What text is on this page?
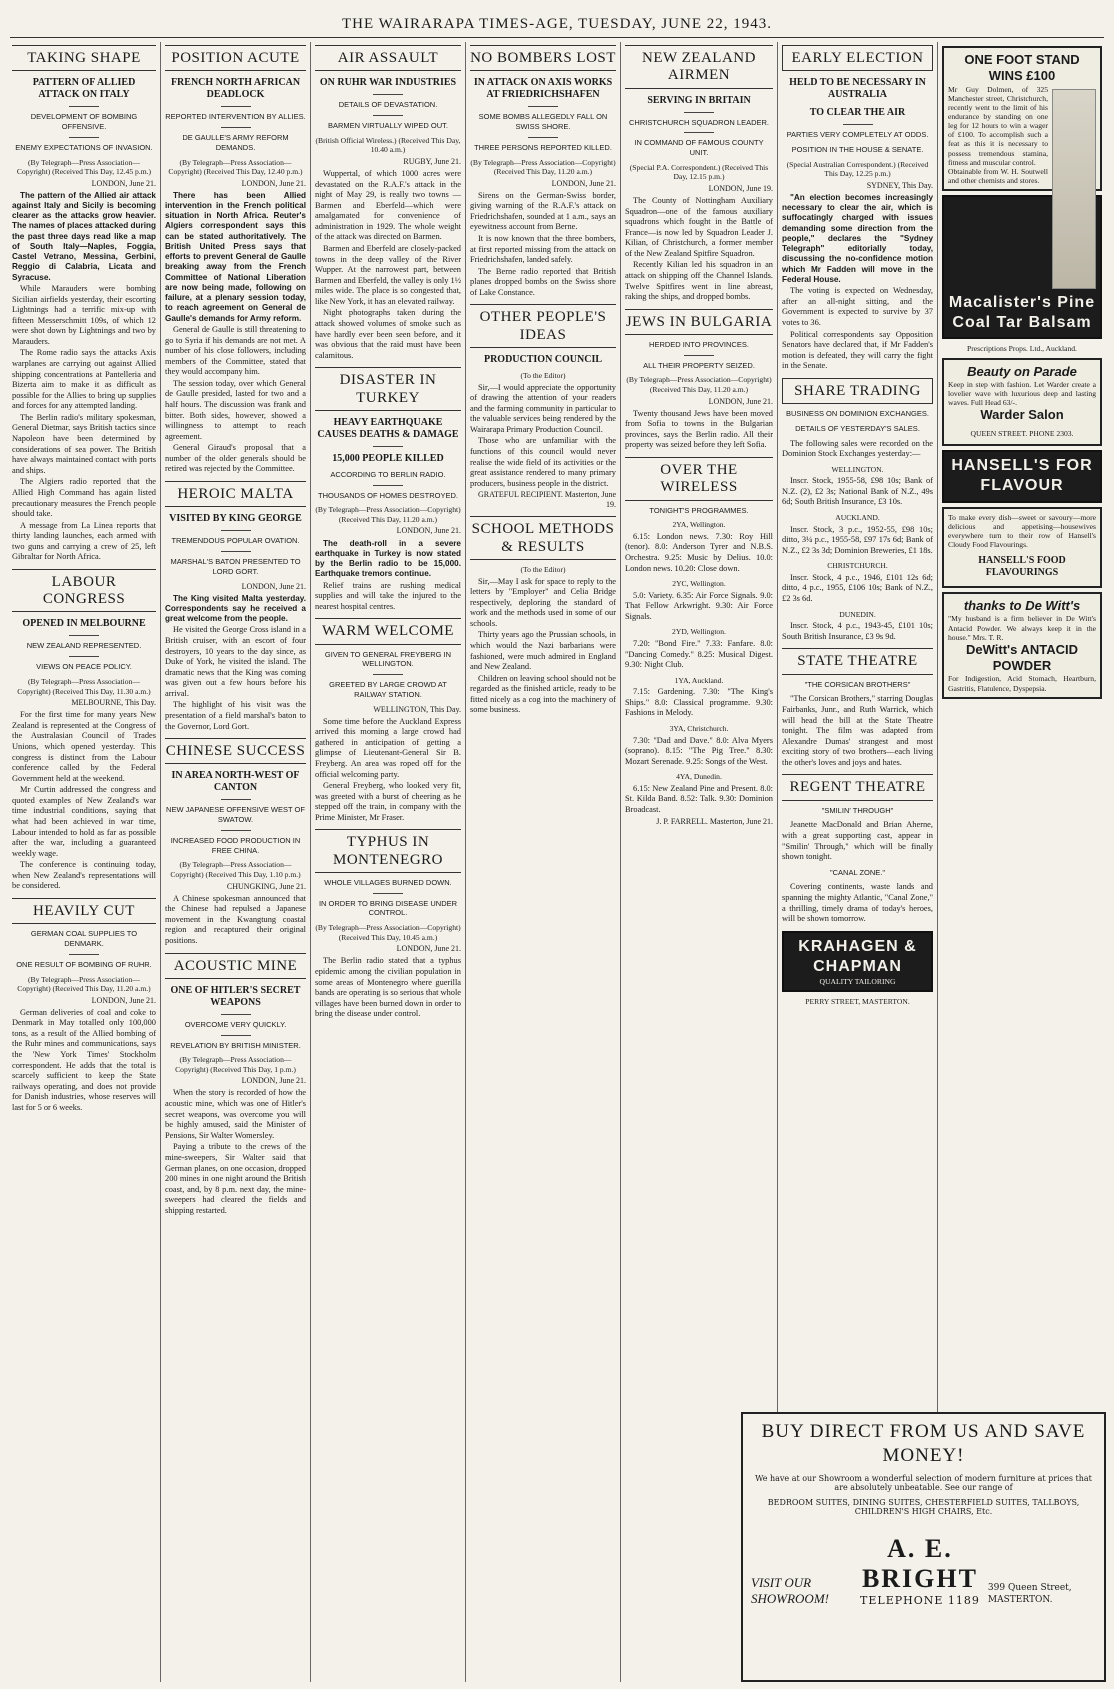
THE WAIRARAPA TIMES-AGE, TUESDAY, JUNE 22, 1943.
TAKING SHAPE
PATTERN OF ALLIED ATTACK ON ITALY
DEVELOPMENT OF BOMBING OFFENSIVE.
ENEMY EXPECTATIONS OF INVASION.
(By Telegraph—Press Association—Copyright) (Received This Day, 12.45 p.m.)
LONDON, June 21.

The pattern of the Allied air attack against Italy and Sicily is becoming clearer as the attacks grow heavier. The names of places attacked during the past three days read like a map of South Italy—Naples, Foggia, Castel Vetrano, Messina, Gerbini, Reggio di Calabria, Licata and Syracuse.

While Marauders were bombing Sicilian airfields yesterday, their escorting Lightnings had a terrific mix-up with fifteen Messerschmitt 109s, of which 12 were shot down by Lightnings and two by Marauders.

The Rome radio says the attacks Axis warplanes are carrying out against Allied shipping concentrations at Pantelleria and Bizerta aim to make it as difficult as possible for the Allies to bring up supplies and forces for any attempted landing.

The Berlin radio's military spokesman, General Dietmar, says British tactics since Napoleon have been determined by considerations of sea power. The British have always maintained contact with ports and ships.

The Algiers radio reported that the Allied High Command has again listed precautionary measures the French people should take.

A message from La Linea reports that thirty landing launches, each armed with two guns and carrying a crew of 25, left Gibraltar for North Africa.

LABOUR CONGRESS
OPENED IN MELBOURNE
NEW ZEALAND REPRESENTED.
VIEWS ON PEACE POLICY.
(By Telegraph—Press Association—Copyright) (Received This Day, 11.30 a.m.)
MELBOURNE, This Day.

For the first time for many years New Zealand is represented at the Congress of the Australasian Council of Trades Unions, which opened yesterday. This congress is distinct from the Labour conference called by the Federal Government held at the weekend.

Mr Curtin addressed the congress and quoted examples of New Zealand's war time industrial conditions, saying that what had been achieved in war time, Labour intended to hold as far as possible after the war, including a guaranteed weekly wage.

The conference is continuing today, when New Zealand's representations will be considered.

HEAVILY CUT
GERMAN COAL SUPPLIES TO DENMARK.
ONE RESULT OF BOMBING OF RUHR.
(By Telegraph—Press Association—Copyright) (Received This Day, 11.20 a.m.)
LONDON, June 21.

German deliveries of coal and coke to Denmark in May totalled only 100,000 tons, as a result of the Allied bombing of the Ruhr mines and communications, says the 'New York Times' Stockholm correspondent. He adds that the total is scarcely sufficient to keep the State railways operating, and does not provide for Danish industries, whose reserves will last for 5 or 6 weeks.

POSITION ACUTE
FRENCH NORTH AFRICAN DEADLOCK
REPORTED INTERVENTION BY ALLIES.
DE GAULLE'S ARMY REFORM DEMANDS.
(By Telegraph—Press Association—Copyright) (Received This Day, 12.40 p.m.)
LONDON, June 21.

There has been Allied intervention in the French political situation in North Africa. Reuter's Algiers correspondent says this can be stated authoritatively. The British United Press says that efforts to prevent General de Gaulle breaking away from the French Committee of National Liberation are now being made, following on failure, at a plenary session today, to reach agreement on General de Gaulle's demands for Army reform.

General de Gaulle is still threatening to go to Syria if his demands are not met. A number of his close followers, including members of the Committee, stated that they would accompany him.

The session today, over which General de Gaulle presided, lasted for two and a half hours. The discussion was frank and bitter. Both sides, however, showed a willingness to attempt to reach agreement.

General Giraud's proposal that a number of the older generals should be retired was rejected by the Committee.

HEROIC MALTA
VISITED BY KING GEORGE
TREMENDOUS POPULAR OVATION.
MARSHAL'S BATON PRESENTED TO LORD GORT.
LONDON, June 21.

The King visited Malta yesterday. Correspondents say he received a great welcome from the people.

He visited the George Cross island in a British cruiser, with an escort of four destroyers, 10 years to the day since, as Duke of York, he visited the island. The dramatic news that the King was coming was given out a few hours before his arrival.

The highlight of his visit was the presentation of a field marshal's baton to the Governor, Lord Gort.

CHINESE SUCCESS
IN AREA NORTH-WEST OF CANTON
NEW JAPANESE OFFENSIVE WEST OF SWATOW.
INCREASED FOOD PRODUCTION IN FREE CHINA.
(By Telegraph—Press Association—Copyright) (Received This Day, 1.10 p.m.)
CHUNGKING, June 21.

A Chinese spokesman announced that the Chinese had repulsed a Japanese movement in the Kwangtung coastal region and recaptured their original positions.

ACOUSTIC MINE
ONE OF HITLER'S SECRET WEAPONS
OVERCOME VERY QUICKLY.
REVELATION BY BRITISH MINISTER.
(By Telegraph—Press Association—Copyright) (Received This Day, 1 p.m.)
LONDON, June 21.

When the story is recorded of how the acoustic mine, which was one of Hitler's secret weapons, was overcome you will be highly amused, said the Minister of Pensions, Sir Walter Womersley.

Paying a tribute to the crews of the mine-sweepers, Sir Walter said that German planes, on one occasion, dropped 200 mines in one night around the British coast, and, by 8 p.m. next day, the mine-sweepers had cleared the fields and shipping restarted.

AIR ASSAULT
ON RUHR WAR INDUSTRIES
DETAILS OF DEVASTATION.
BARMEN VIRTUALLY WIPED OUT.
(British Official Wireless.) (Received This Day, 10.40 a.m.)
RUGBY, June 21.

Wuppertal, of which 1000 acres were devastated on the R.A.F.'s attack in the night of May 29, is really two towns —Barmen and Eberfeld—which were amalgamated for convenience of administration in 1929. The whole weight of the attack was directed on Barmen.

Barmen and Eberfeld are closely-packed towns in the deep valley of the River Wupper. At the narrowest part, between Barmen and Eberfeld, the valley is only 1½ miles wide. The place is so congested that, like New York, it has an elevated railway.

Night photographs taken during the attack showed volumes of smoke such as have hardly ever been seen before, and it was obvious that the raid must have been calamitous.

DISASTER IN TURKEY
HEAVY EARTHQUAKE CAUSES DEATHS & DAMAGE
15,000 PEOPLE KILLED
ACCORDING TO BERLIN RADIO.
THOUSANDS OF HOMES DESTROYED.
(By Telegraph—Press Association—Copyright) (Received This Day, 11.20 a.m.)
LONDON, June 21.

The death-roll in a severe earthquake in Turkey is now stated by the Berlin radio to be 15,000. Earthquake tremors continue.

Relief trains are rushing medical supplies and will take the injured to the nearest hospital centres.

WARM WELCOME
GIVEN TO GENERAL FREYBERG IN WELLINGTON.
GREETED BY LARGE CROWD AT RAILWAY STATION.
WELLINGTON, This Day.

Some time before the Auckland Express arrived this morning a large crowd had gathered in anticipation of getting a glimpse of Lieutenant-General Sir B. Freyberg. An area was roped off for the official welcoming party.

General Freyberg, who looked very fit, was greeted with a burst of cheering as he stepped off the train, in company with the Prime Minister, Mr Fraser.

TYPHUS IN MONTENEGRO
WHOLE VILLAGES BURNED DOWN.
IN ORDER TO BRING DISEASE UNDER CONTROL.
(By Telegraph—Press Association—Copyright) (Received This Day, 10.45 a.m.)
LONDON, June 21.

The Berlin radio stated that a typhus epidemic among the civilian population in some areas of Montenegro where guerilla bands are operating is so serious that whole villages have been burned down in order to bring the disease under control.

NO BOMBERS LOST
IN ATTACK ON AXIS WORKS AT FRIEDRICHSHAFEN
SOME BOMBS ALLEGEDLY FALL ON SWISS SHORE.
THREE PERSONS REPORTED KILLED.
(By Telegraph—Press Association—Copyright) (Received This Day, 11.20 a.m.)
LONDON, June 21.

Sirens on the German-Swiss border, giving warning of the R.A.F.'s attack on Friedrichshafen, sounded at 1 a.m., says an eyewitness account from Berne.

It is now known that the three bombers, at first reported missing from the attack on Friedrichshafen, landed safely.

The Berne radio reported that British planes dropped bombs on the Swiss shore of Lake Constance.

OTHER PEOPLE'S IDEAS
PRODUCTION COUNCIL
(To the Editor)

Sir,—I would appreciate the opportunity of drawing the attention of your readers and the farming community in particular to the valuable services being rendered by the Wairarapa Primary Production Council.

Those who are unfamiliar with the functions of this council would never realise the wide field of its activities or the great assistance rendered to many primary producers, business people in the district.

GRATEFUL RECIPIENT. Masterton, June 19.

SCHOOL METHODS & RESULTS
(To the Editor)

Sir,—May I ask for space to reply to the letters by "Employer" and Celia Bridge respectively, deploring the standard of work and the methods used in some of our schools.

Thirty years ago the Prussian schools, in which would the Nazi barbarians were fashioned, were much admired in England and New Zealand.

Children on leaving school should not be regarded as the finished article, ready to be fitted nicely as a cog into the machinery of some business.

NEW ZEALAND AIRMEN
SERVING IN BRITAIN
CHRISTCHURCH SQUADRON LEADER.
IN COMMAND OF FAMOUS COUNTY UNIT.
(Special P.A. Correspondent.) (Received This Day, 12.15 p.m.)
LONDON, June 19.

The County of Nottingham Auxiliary Squadron—one of the famous auxiliary squadrons which fought in the Battle of France—is now led by Squadron Leader J. Kilian, of Christchurch, a former member of the New Zealand Spitfire Squadron.

Recently Kilian led his squadron in an attack on shipping off the Channel Islands. Twelve Spitfires went in line abreast, raking the ships, and dropped bombs.

JEWS IN BULGARIA
HERDED INTO PROVINCES.
ALL THEIR PROPERTY SEIZED.
(By Telegraph—Press Association—Copyright) (Received This Day, 11.20 a.m.)
LONDON, June 21.

Twenty thousand Jews have been moved from Sofia to towns in the Bulgarian provinces, says the Berlin radio. All their property was seized before they left Sofia.

OVER THE WIRELESS
TONIGHT'S PROGRAMMES.
2YA, Wellington.

6.15: London news. 7.30: Roy Hill (tenor). 8.0: Anderson Tyrer and N.B.S. Orchestra. 9.25: Music by Delius. 10.0: London news. 10.20: Close down.

2YC, Wellington.

5.0: Variety. 6.35: Air Force Signals. 9.0: That Fellow Arkwright. 9.30: Air Force Signals.

2YD, Wellington.

7.20: "Bond Fire." 7.33: Fanfare. 8.0: "Dancing Comedy." 8.25: Musical Digest. 9.30: Night Club.

1YA, Auckland.

7.15: Gardening. 7.30: "The King's Ships." 8.0: Classical programme. 9.30: Fashions in Melody.

3YA, Christchurch.

7.30: "Dad and Dave." 8.0: Alva Myers (soprano). 8.15: "The Pig Tree." 8.30: Mozart Serenade. 9.25: Songs of the West.

4YA, Dunedin.

6.15: New Zealand Pine and Present. 8.0: St. Kilda Band. 8.52: Talk. 9.30: Dominion Broadcast.

J. P. FARRELL. Masterton, June 21.

EARLY ELECTION
HELD TO BE NECESSARY IN AUSTRALIA
TO CLEAR THE AIR
PARTIES VERY COMPLETELY AT ODDS.
POSITION IN THE HOUSE & SENATE.
(Special Australian Correspondent.) (Received This Day, 12.25 p.m.)
SYDNEY, This Day.

"An election becomes increasingly necessary to clear the air, which is suffocatingly charged with issues demanding some direction from the people," declares the "Sydney Telegraph" editorially today, discussing the no-confidence motion which Mr Fadden will move in the Federal House.

The voting is expected on Wednesday, after an all-night sitting, and the Government is expected to survive by 37 votes to 36.

Political correspondents say Opposition Senators have declared that, if Mr Fadden's motion is defeated, they will carry the fight in the Senate.

SHARE TRADING
BUSINESS ON DOMINION EXCHANGES.
DETAILS OF YESTERDAY'S SALES.

The following sales were recorded on the Dominion Stock Exchanges yesterday:—

WELLINGTON.

Inscr. Stock, 1955-58, £98 10s; Bank of N.Z. (2), £2 3s; National Bank of N.Z., 49s 6d; South British Insurance, £3 10s.

AUCKLAND.

Inscr. Stock, 3 p.c., 1952-55, £98 10s; ditto, 3¼ p.c., 1955-58, £97 17s 6d; Bank of N.Z., £2 3s 3d; Dominion Breweries, £1 18s.

CHRISTCHURCH.

Inscr. Stock, 4 p.c., 1946, £101 12s 6d; ditto, 4 p.c., 1955, £106 10s; Bank of N.Z., £2 3s 6d.

DUNEDIN.

Inscr. Stock, 4 p.c., 1943-45, £101 10s; South British Insurance, £3 9s 9d.

STATE THEATRE
"THE CORSICAN BROTHERS"

"The Corsican Brothers," starring Douglas Fairbanks, Junr., and Ruth Warrick, which will head the bill at the State Theatre tonight. The film was adapted from Alexandre Dumas' strangest and most exciting story of two brothers—each living the other's loves and joys and hates.

REGENT THEATRE
"SMILIN' THROUGH"

Jeanette MacDonald and Brian Aherne, with a great supporting cast, appear in "Smilin' Through," which will be finally shown tonight.

"CANAL ZONE."

Covering continents, waste lands and spanning the mighty Atlantic, "Canal Zone," a thrilling, timely drama of today's heroes, will be shown tomorrow.

KRAHAGEN & CHAPMAN
QUALITY TAILORING
PERRY STREET, MASTERTON.
ONE FOOT STAND WINS £100

Mr Guy Dolmen, of 325 Manchester street, Christchurch, recently went to the limit of his endurance by standing on one leg for 12 hours to win a wager of £100. To accomplish such a feat as this it is necessary to possess tremendous stamina, fitness and muscular control.

Obtainable from W. H. Soutwell and other chemists and stores.

Macalister's Pine Coal Tar Balsam
Prescriptions Props. Ltd., Auckland.
Beauty on Parade

Keep in step with fashion. Let Warder create a lovelier wave with luxurious deep and lasting waves. Full Head 63/-.

Warder Salon
QUEEN STREET. PHONE 2303.
HANSELL'S FOR FLAVOUR

To make every dish—sweet or savoury—more delicious and appetising—housewives everywhere turn to their row of Hansell's Cloudy Food Flavourings.

HANSELL'S FOOD FLAVOURINGS
thanks to De Witt's

"My husband is a firm believer in De Witt's Antacid Powder. We always keep it in the house." Mrs. T. R.

DeWitt's ANTACID POWDER

For Indigestion, Acid Stomach, Heartburn, Gastritis, Flatulence, Dyspepsia.

BUY DIRECT FROM US AND SAVE MONEY!
We have at our Showroom a wonderful selection of modern furniture at prices that are absolutely unbeatable. See our range of
BEDROOM SUITES, DINING SUITES, CHESTERFIELD SUITES, TALLBOYS, CHILDREN'S HIGH CHAIRS, Etc.
VISIT OUR SHOWROOM!
A. E. BRIGHT
TELEPHONE 1189
399 Queen Street, MASTERTON.
